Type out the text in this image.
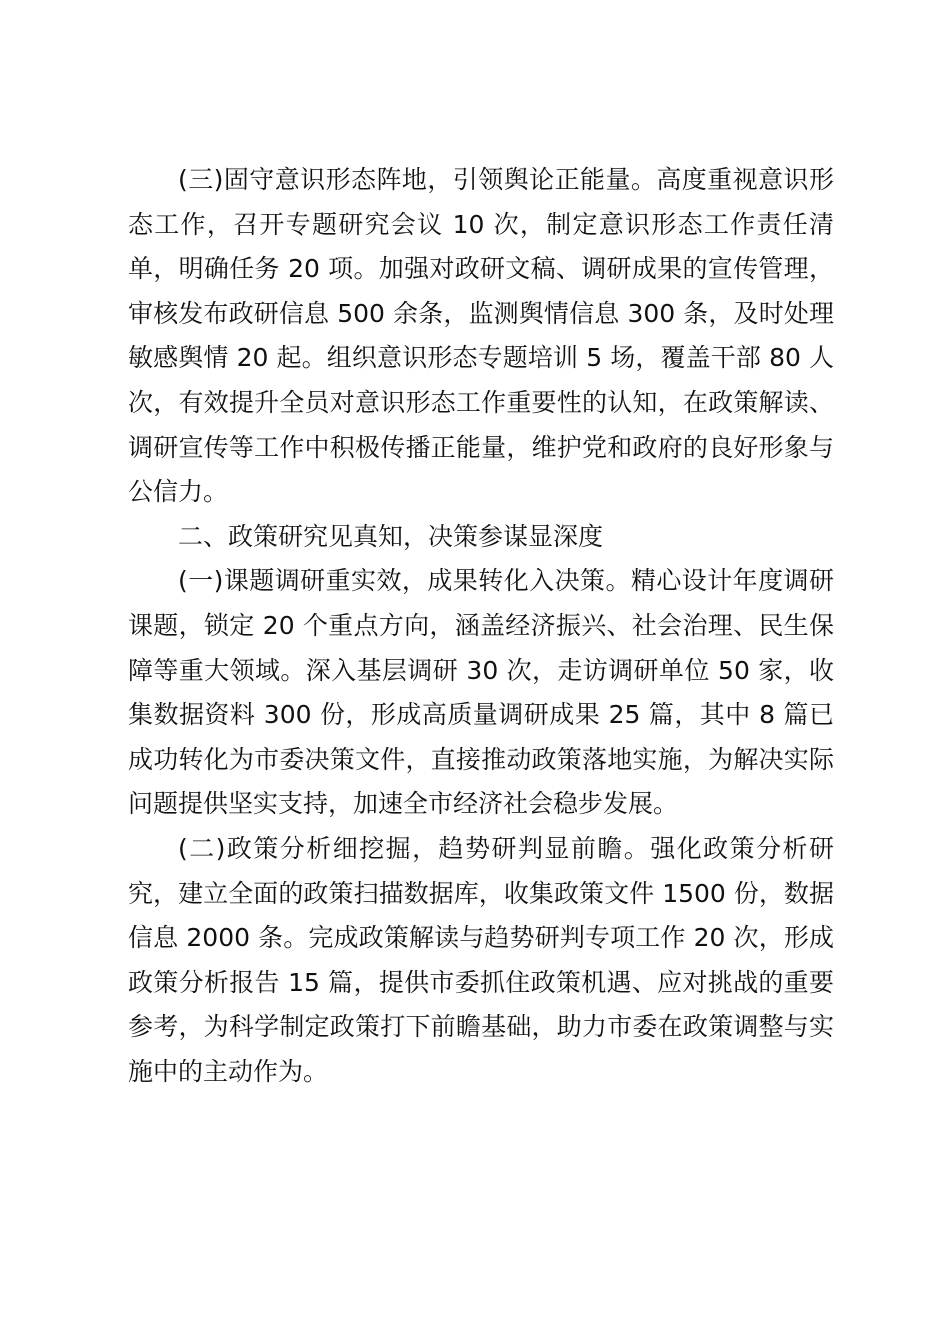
(三)固守意识形态阵地，引领舆论正能量。高度重视意识形态工作，召开专题研究会议 10 次，制定意识形态工作责任清单，明确任务 20 项。加强对政研文稿、调研成果的宣传管理，审核发布政研信息 500 余条，监测舆情信息 300 条，及时处理敏感舆情 20 起。组织意识形态专题培训 5 场，覆盖干部 80 人次，有效提升全员对意识形态工作重要性的认知，在政策解读、调研宣传等工作中积极传播正能量，维护党和政府的良好形象与公信力。

二、政策研究见真知，决策参谋显深度

(一)课题调研重实效，成果转化入决策。精心设计年度调研课题，锁定 20 个重点方向，涵盖经济振兴、社会治理、民生保障等重大领域。深入基层调研 30 次，走访调研单位 50 家，收集数据资料 300 份，形成高质量调研成果 25 篇，其中 8 篇已成功转化为市委决策文件，直接推动政策落地实施，为解决实际问题提供坚实支持，加速全市经济社会稳步发展。

(二)政策分析细挖掘，趋势研判显前瞻。强化政策分析研究，建立全面的政策扫描数据库，收集政策文件 1500 份，数据信息 2000 条。完成政策解读与趋势研判专项工作 20 次，形成政策分析报告 15 篇，提供市委抓住政策机遇、应对挑战的重要参考，为科学制定政策打下前瞻基础，助力市委在政策调整与实施中的主动作为。
